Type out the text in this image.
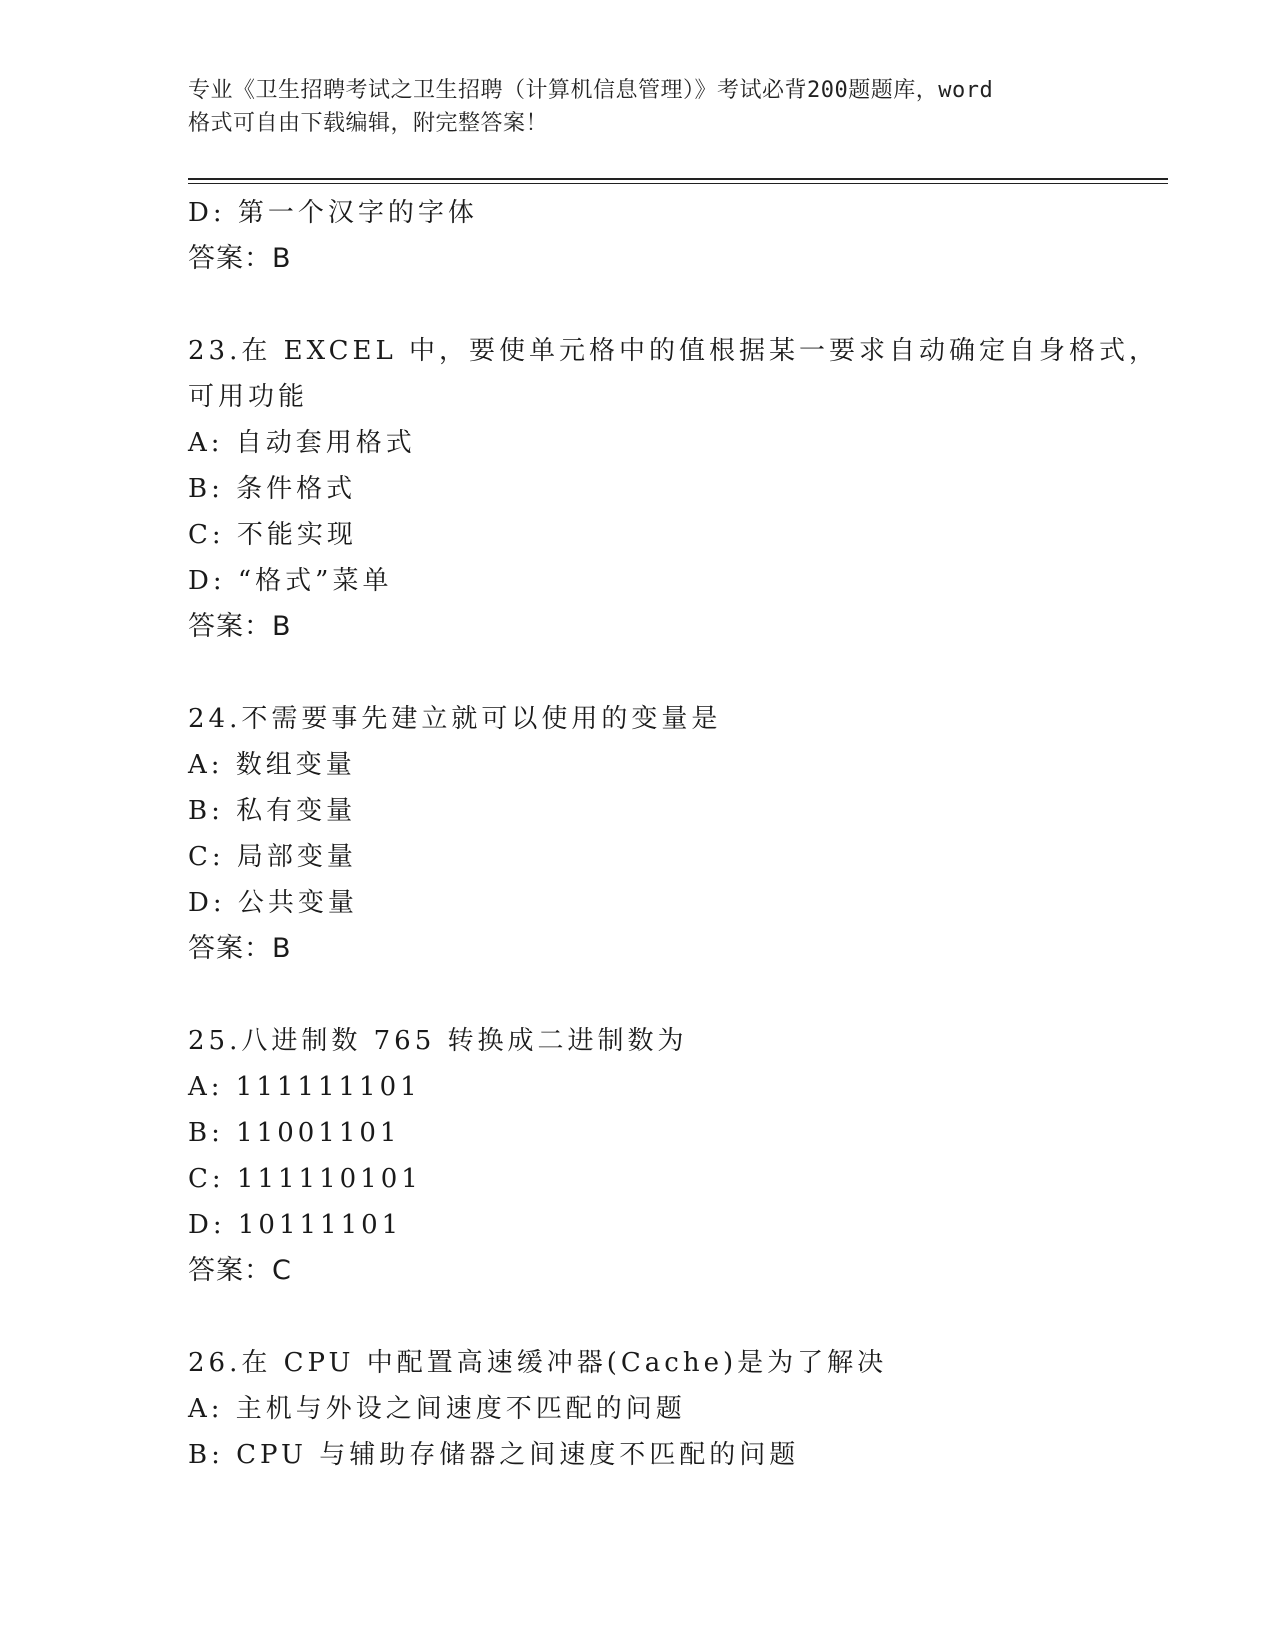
专业《卫生招聘考试之卫生招聘（计算机信息管理）》考试必背200题题库，word
格式可自由下载编辑，附完整答案！
D: 第一个汉字的字体
答案：B
23.在 EXCEL 中，要使单元格中的值根据某一要求自动确定自身格式，
可用功能
A: 自动套用格式
B: 条件格式
C: 不能实现
D: “格式”菜单
答案：B
24.不需要事先建立就可以使用的变量是
A: 数组变量
B: 私有变量
C: 局部变量
D: 公共变量
答案：B
25.八进制数 765 转换成二进制数为
A: 111111101
B: 11001101
C: 111110101
D: 10111101
答案：C
26.在 CPU 中配置高速缓冲器(Cache)是为了解决
A: 主机与外设之间速度不匹配的问题
B: CPU 与辅助存储器之间速度不匹配的问题
